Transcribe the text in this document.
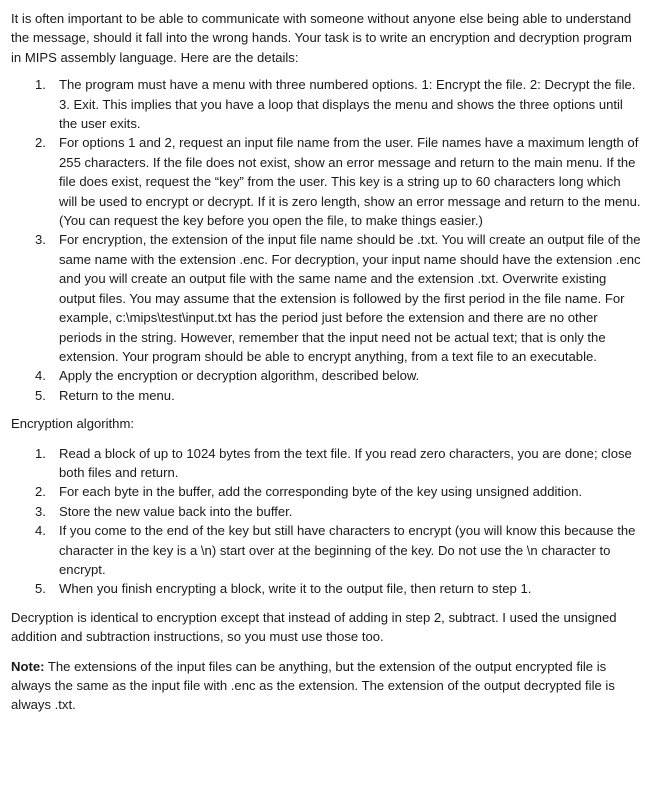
It is often important to be able to communicate with someone without anyone else being able to understand the message, should it fall into the wrong hands. Your task is to write an encryption and decryption program in MIPS assembly language. Here are the details:

1. The program must have a menu with three numbered options. 1: Encrypt the file. 2: Decrypt the file. 3. Exit. This implies that you have a loop that displays the menu and shows the three options until the user exits.
2. For options 1 and 2, request an input file name from the user. File names have a maximum length of 255 characters. If the file does not exist, show an error message and return to the main menu. If the file does exist, request the “key” from the user. This key is a string up to 60 characters long which will be used to encrypt or decrypt. If it is zero length, show an error message and return to the menu. (You can request the key before you open the file, to make things easier.)
3. For encryption, the extension of the input file name should be .txt. You will create an output file of the same name with the extension .enc. For decryption, your input name should have the extension .enc and you will create an output file with the same name and the extension .txt. Overwrite existing output files. You may assume that the extension is followed by the first period in the file name. For example, c:\mips\test\input.txt has the period just before the extension and there are no other periods in the string. However, remember that the input need not be actual text; that is only the extension. Your program should be able to encrypt anything, from a text file to an executable.
4. Apply the encryption or decryption algorithm, described below.
5. Return to the menu.

Encryption algorithm:

1. Read a block of up to 1024 bytes from the text file. If you read zero characters, you are done; close both files and return.
2. For each byte in the buffer, add the corresponding byte of the key using unsigned addition.
3. Store the new value back into the buffer.
4. If you come to the end of the key but still have characters to encrypt (you will know this because the character in the key is a \n) start over at the beginning of the key. Do not use the \n character to encrypt.
5. When you finish encrypting a block, write it to the output file, then return to step 1.

Decryption is identical to encryption except that instead of adding in step 2, subtract. I used the unsigned addition and subtraction instructions, so you must use those too.

Note: The extensions of the input files can be anything, but the extension of the output encrypted file is always the same as the input file with .enc as the extension. The extension of the output decrypted file is always .txt.
